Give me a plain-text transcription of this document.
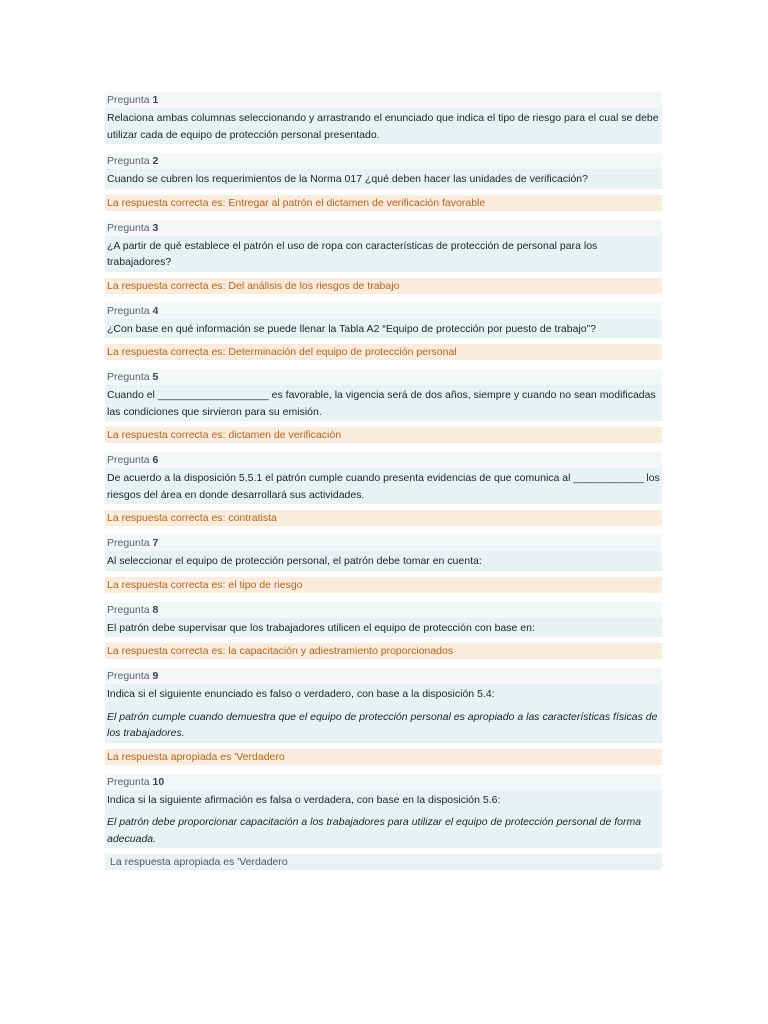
Pregunta 1
Relaciona ambas columnas seleccionando y arrastrando el enunciado que indica el tipo de riesgo para el cual se debe utilizar cada de equipo de protección personal presentado.
Pregunta 2
Cuando se cubren los requerimientos de la Norma 017 ¿qué deben hacer las unidades de verificación?
La respuesta correcta es: Entregar al patrón el dictamen de verificación favorable
Pregunta 3
¿A partir de qué establece el patrón el uso de ropa con características de protección de personal para los trabajadores?
La respuesta correcta es: Del análisis de los riesgos de trabajo
Pregunta 4
¿Con base en qué información se puede llenar la Tabla A2 “Equipo de protección por puesto de trabajo”?
La respuesta correcta es: Determinación del equipo de protección personal
Pregunta 5
Cuando el ___________________ es favorable, la vigencia será de dos años, siempre y cuando no sean modificadas las condiciones que sirvieron para su emisión.
La respuesta correcta es: dictamen de verificación
Pregunta 6
De acuerdo a la disposición 5.5.1 el patrón cumple cuando presenta evidencias de que comunica al ____________ los riesgos del área en donde desarrollará sus actividades.
La respuesta correcta es: contratista
Pregunta 7
Al seleccionar el equipo de protección personal, el patrón debe tomar en cuenta:
La respuesta correcta es: el tipo de riesgo
Pregunta 8
El patrón debe supervisar que los trabajadores utilicen el equipo de protección con base en:
La respuesta correcta es: la capacitación y adiestramiento proporcionados
Pregunta 9
Indica si el siguiente enunciado es falso o verdadero, con base a la disposición 5.4:
El patrón cumple cuando demuestra que el equipo de protección personal es apropiado a las características físicas de los trabajadores.
La respuesta apropiada es 'Verdadero
Pregunta 10
Indica si la siguiente afirmación es falsa o verdadera, con base en la disposición 5.6:
El patrón debe proporcionar capacitación a los trabajadores para utilizar el equipo de protección personal de forma adecuada.
La respuesta apropiada es 'Verdadero
